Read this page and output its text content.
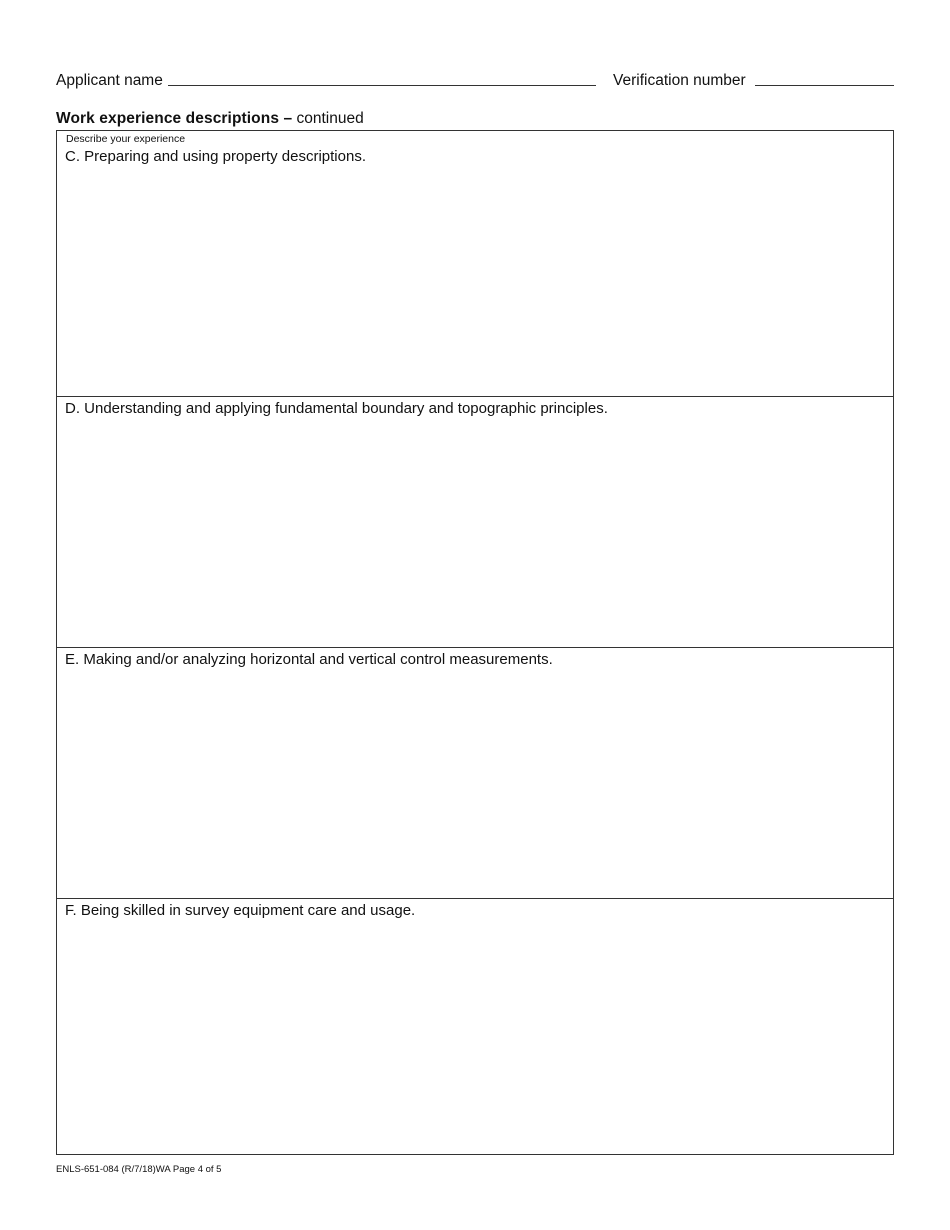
Applicant name	Verification number
Work experience descriptions – continued
Describe your experience
C. Preparing and using property descriptions.
D. Understanding and applying fundamental boundary and topographic principles.
E. Making and/or analyzing horizontal and vertical control measurements.
F. Being skilled in survey equipment care and usage.
ENLS-651-084 (R/7/18)WA Page 4 of 5
